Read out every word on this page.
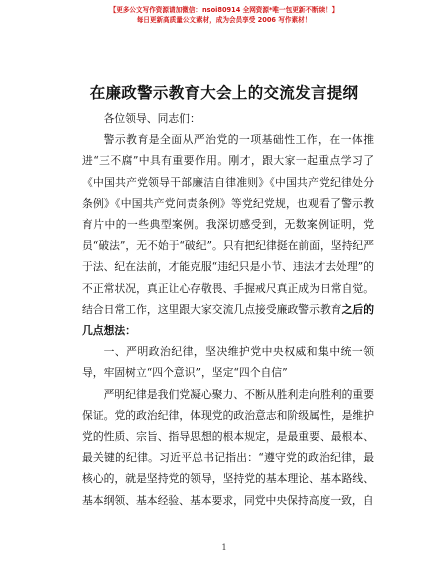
【更多公文写作资源请加微信：nsoi80914 全网资源*唯一包更新不断续！】
每日更新高质量公文素材，成为会员享受 2006 写作素材！
在廉政警示教育大会上的交流发言提纲

各位领导、同志们：

警示教育是全面从严治党的一项基础性工作，在一体推进“三不腐”中具有重要作用。刚才，跟大家一起重点学习了《中国共产党领导干部廉洁自律准则》《中国共产党纪律处分条例》《中国共产党问责条例》等党纪党规，也观看了警示教育片中的一些典型案例。我深切感受到，无数案例证明，党员“破法”，无不始于“破纪”。只有把纪律挺在前面，坚持纪严于法、纪在法前，才能克服“违纪只是小节、违法才去处理”的不正常状况，真正让心存敬畏、手握戒尺真正成为日常自觉。结合日常工作，这里跟大家交流几点接受廉政警示教育之后的几点想法：

一、严明政治纪律，坚决维护党中央权威和集中统一领导，牢固树立“四个意识”，坚定“四个自信”

严明纪律是我们党凝心聚力、不断从胜利走向胜利的重要保证。党的政治纪律，体现党的政治意志和阶级属性，是维护党的性质、宗旨、指导思想的根本规定，是最重要、最根本、最关键的纪律。习近平总书记指出：“遵守党的政治纪律，最核心的，就是坚持党的领导，坚持党的基本理论、基本路线、基本纲领、基本经验、基本要求，同党中央保持高度一致，自

1
